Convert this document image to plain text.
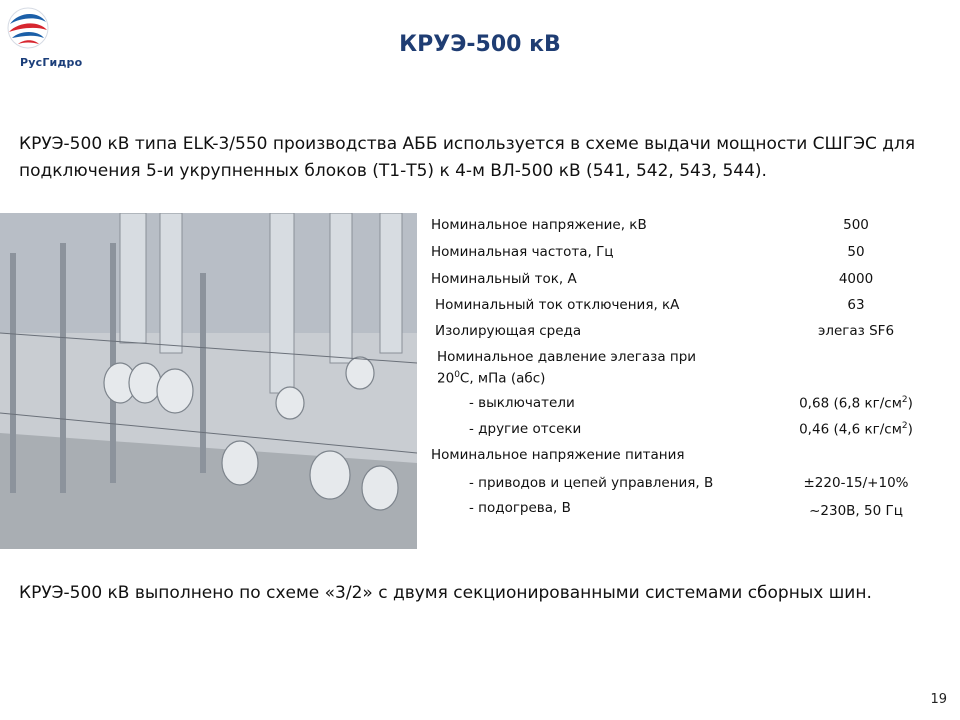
РусГидро
КРУЭ-500 кВ
КРУЭ-500 кВ типа ELK-3/550 производства АББ используется в схеме выдачи мощности СШГЭС для подключения 5-и укрупненных блоков (Т1-Т5) к 4-м ВЛ-500 кВ (541, 542, 543, 544).
Номинальное напряжение, кВ	500
Номинальная частота, Гц	50
Номинальный ток, А	4000
Номинальный ток отключения, кА	63
Изолирующая среда	элегаз SF6
Номинальное давление элегаза при
$20^0С$, мПа (абс)
- выключатели	0,68 (6,8 $кг/см^2$)
- другие отсеки	0,46 (4,6 $кг/см^2$)
Номинальное напряжение питания
- приводов и цепей управления, В	±220-15/+10%
- подогрева, В	~230В, 50 Гц
КРУЭ-500 кВ выполнено по схеме «3/2» с двумя секционированными системами сборных шин.
19
